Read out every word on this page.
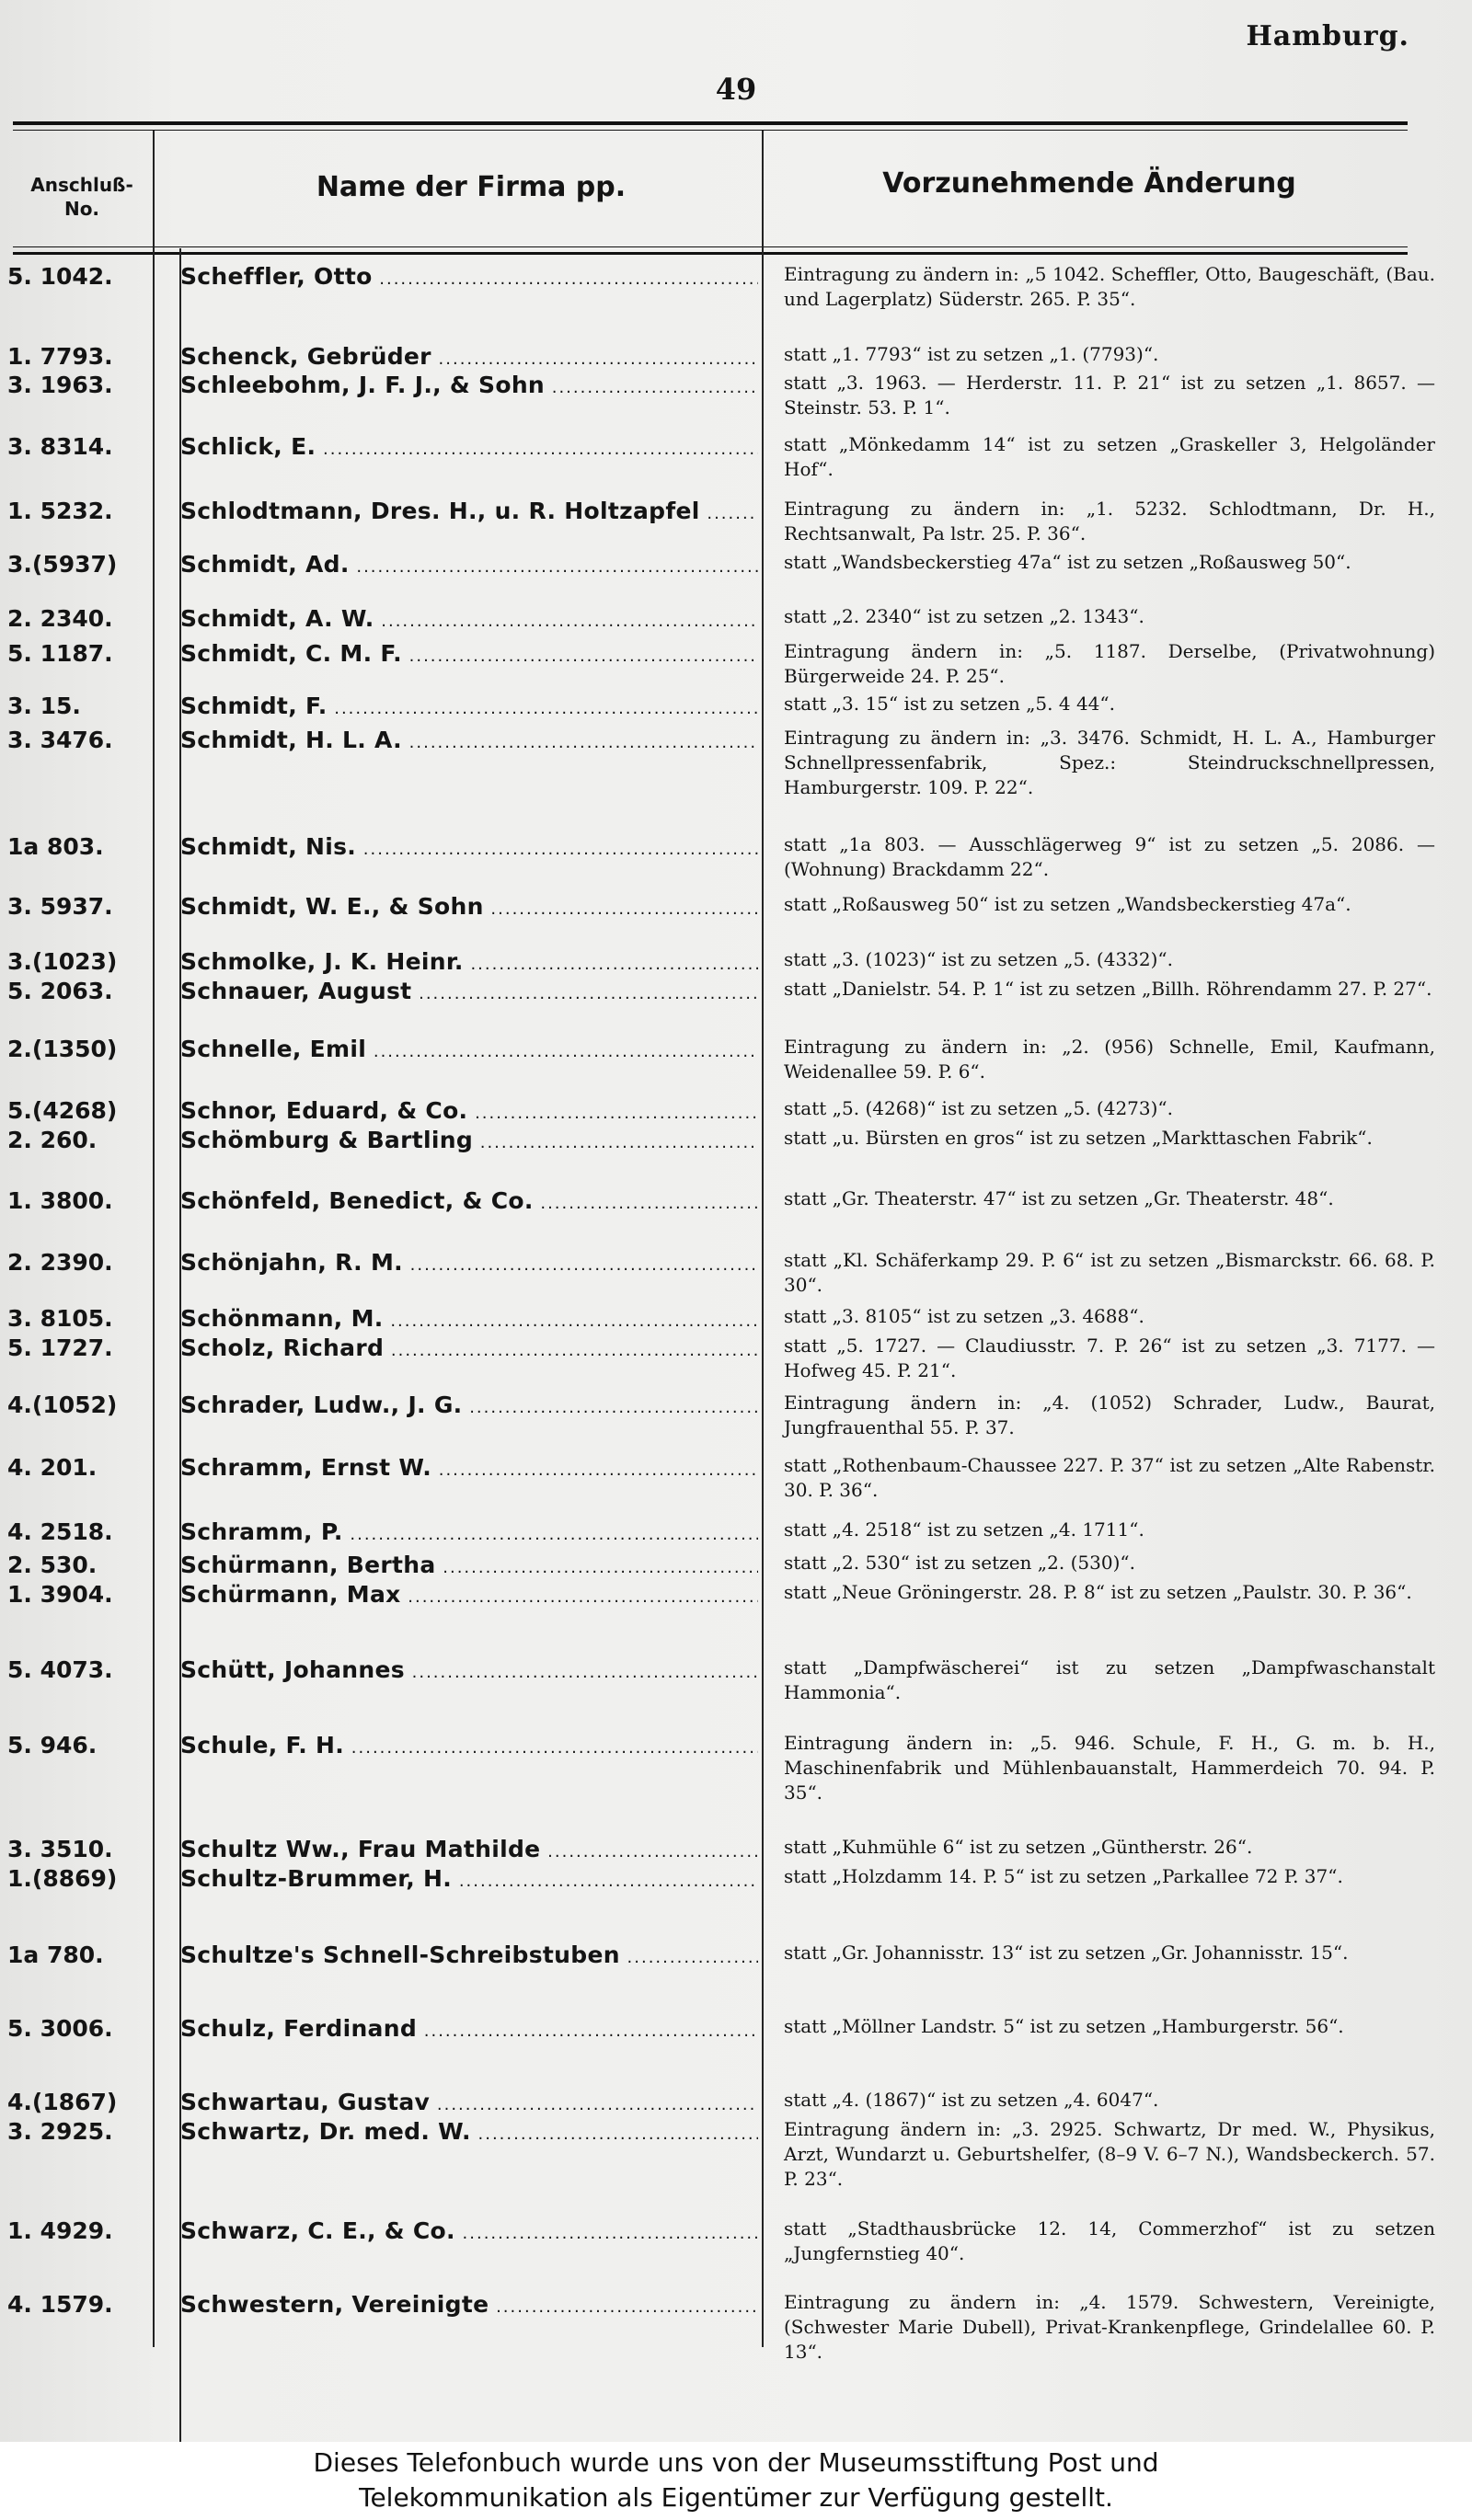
Hamburg.
49
Anschluß-
No.
Name der Firma pp.	Vorzunehmende Änderung
5. 1042.	Scheffler, Otto .....	Eintragung zu ändern in: „5 1042. Scheffler, Otto, Baugeschäft, (Bau. und Lagerplatz) Süderstr. 265. P. 35“.
1. 7793.	Schenck, Gebrüder .....	statt „1. 7793“ ist zu setzen „1. (7793)“.
3. 1963.	Schleebohm, J. F. J., & Sohn .....	statt „3. 1963. — Herderstr. 11. P. 21“ ist zu setzen „1. 8657. — Steinstr. 53. P. 1“.
3. 8314.	Schlick, E. .....	statt „Mönkedamm 14“ ist zu setzen „Graskeller 3, Helgoländer Hof“.
1. 5232.	Schlodtmann, Dres. H., u. R. Holtzapfel .....	Eintragung zu ändern in: „1. 5232. Schlodtmann, Dr. H., Rechtsanwalt, Pa lstr. 25. P. 36“.
3.(5937)	Schmidt, Ad. .....	statt „Wandsbeckerstieg 47a“ ist zu setzen „Roßausweg 50“.
2. 2340.	Schmidt, A. W. .....	statt „2. 2340“ ist zu setzen „2. 1343“.
5. 1187.	Schmidt, C. M. F. .....	Eintragung ändern in: „5. 1187. Derselbe, (Privatwohnung) Bürgerweide 24. P. 25“.
3. 15.	Schmidt, F. .....	statt „3. 15“ ist zu setzen „5. 4 44“.
3. 3476.	Schmidt, H. L. A. .....	Eintragung zu ändern in: „3. 3476. Schmidt, H. L. A., Hamburger Schnellpressenfabrik, Spez.: Steindruckschnellpressen, Hamburgerstr. 109. P. 22“.
1a 803.	Schmidt, Nis. .....	statt „1a 803. — Ausschlägerweg 9“ ist zu setzen „5. 2086. — (Wohnung) Brackdamm 22“.
3. 5937.	Schmidt, W. E., & Sohn .....	statt „Roßausweg 50“ ist zu setzen „Wandsbeckerstieg 47a“.
3.(1023)	Schmolke, J. K. Heinr. .....	statt „3. (1023)“ ist zu setzen „5. (4332)“.
5. 2063.	Schnauer, August .....	statt „Danielstr. 54. P. 1“ ist zu setzen „Billh. Röhrendamm 27. P. 27“.
2.(1350)	Schnelle, Emil .....	Eintragung zu ändern in: „2. (956) Schnelle, Emil, Kaufmann, Weidenallee 59. P. 6“.
5.(4268)	Schnor, Eduard, & Co. .....	statt „5. (4268)“ ist zu setzen „5. (4273)“.
2. 260.	Schömburg & Bartling .....	statt „u. Bürsten en gros“ ist zu setzen „Markttaschen Fabrik“.
1. 3800.	Schönfeld, Benedict, & Co. .....	statt „Gr. Theaterstr. 47“ ist zu setzen „Gr. Theaterstr. 48“.
2. 2390.	Schönjahn, R. M. .....	statt „Kl. Schäferkamp 29. P. 6“ ist zu setzen „Bismarckstr. 66. 68. P. 30“.
3. 8105.	Schönmann, M. .....	statt „3. 8105“ ist zu setzen „3. 4688“.
5. 1727.	Scholz, Richard .....	statt „5. 1727. — Claudiusstr. 7. P. 26“ ist zu setzen „3. 7177. — Hofweg 45. P. 21“.
4.(1052)	Schrader, Ludw., J. G. .....	Eintragung ändern in: „4. (1052) Schrader, Ludw., Baurat, Jungfrauenthal 55. P. 37.
4. 201.	Schramm, Ernst W. .....	statt „Rothenbaum-Chaussee 227. P. 37“ ist zu setzen „Alte Rabenstr. 30. P. 36“.
4. 2518.	Schramm, P. .....	statt „4. 2518“ ist zu setzen „4. 1711“.
2. 530.	Schürmann, Bertha .....	statt „2. 530“ ist zu setzen „2. (530)“.
1. 3904.	Schürmann, Max .....	statt „Neue Gröningerstr. 28. P. 8“ ist zu setzen „Paulstr. 30. P. 36“.
5. 4073.	Schütt, Johannes .....	statt „Dampfwäscherei“ ist zu setzen „Dampfwaschanstalt Hammonia“.
5. 946.	Schule, F. H. .....	Eintragung ändern in: „5. 946. Schule, F. H., G. m. b. H., Maschinenfabrik und Mühlenbauanstalt, Hammerdeich 70. 94. P. 35“.
3. 3510.	Schultz Ww., Frau Mathilde .....	statt „Kuhmühle 6“ ist zu setzen „Güntherstr. 26“.
1.(8869)	Schultz-Brummer, H. .....	statt „Holzdamm 14. P. 5“ ist zu setzen „Parkallee 72 P. 37“.
1a 780.	Schultze's Schnell-Schreibstuben .....	statt „Gr. Johannisstr. 13“ ist zu setzen „Gr. Johannisstr. 15“.
5. 3006.	Schulz, Ferdinand .....	statt „Möllner Landstr. 5“ ist zu setzen „Hamburgerstr. 56“.
4.(1867)	Schwartau, Gustav .....	statt „4. (1867)“ ist zu setzen „4. 6047“.
3. 2925.	Schwartz, Dr. med. W. .....	Eintragung ändern in: „3. 2925. Schwartz, Dr med. W., Physikus, Arzt, Wundarzt u. Geburtshelfer, (8–9 V. 6–7 N.), Wandsbeckerch. 57. P. 23“.
1. 4929.	Schwarz, C. E., & Co. .....	statt „Stadthausbrücke 12. 14, Commerzhof“ ist zu setzen „Jungfernstieg 40“.
4. 1579.	Schwestern, Vereinigte .....	Eintragung zu ändern in: „4. 1579. Schwestern, Vereinigte, (Schwester Marie Dubell), Privat-Krankenpflege, Grindelallee 60. P. 13“.
Dieses Telefonbuch wurde uns von der Museumsstiftung Post und
Telekommunikation als Eigentümer zur Verfügung gestellt.
